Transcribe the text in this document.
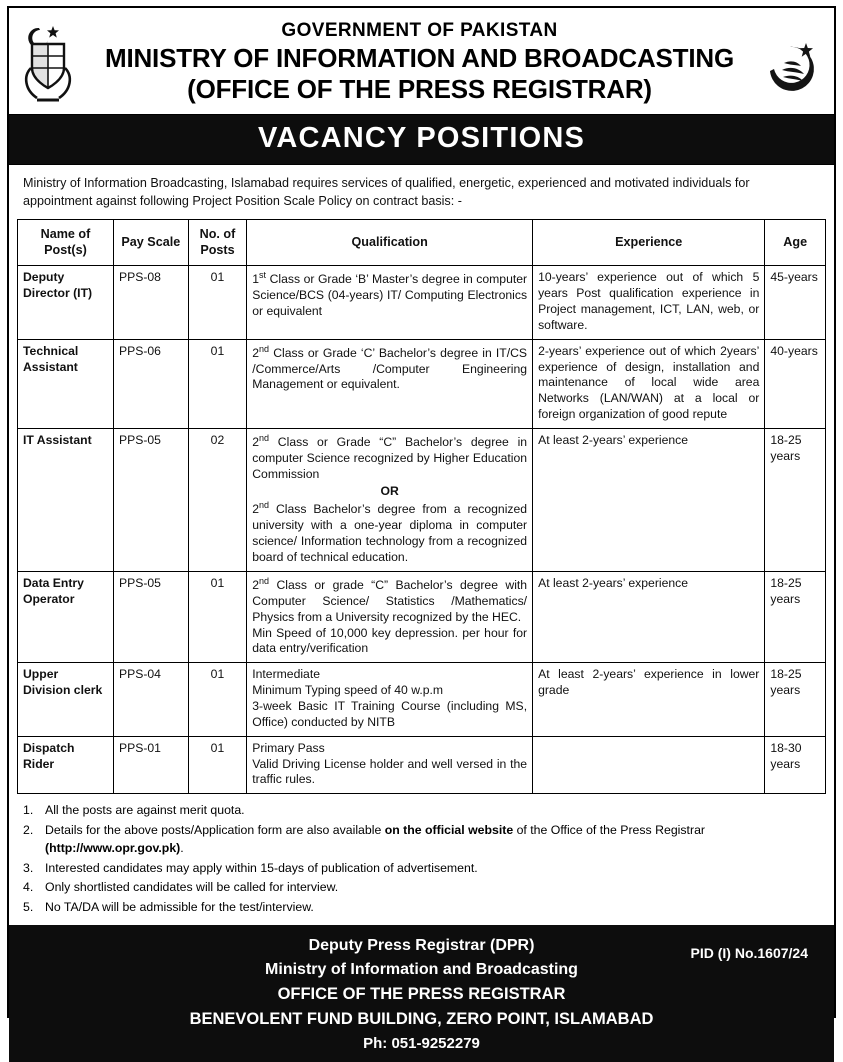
GOVERNMENT OF PAKISTAN
MINISTRY OF INFORMATION AND BROADCASTING
(OFFICE OF THE PRESS REGISTRAR)
VACANCY POSITIONS
Ministry of Information Broadcasting, Islamabad requires services of qualified, energetic, experienced and motivated individuals for appointment against following Project Position Scale Policy on contract basis: -
Name of Post(s)	Pay Scale	No. of Posts	Qualification	Experience	Age
Deputy Director (IT)	PPS-08	01	1st Class or Grade ‘B’ Master’s degree in computer Science/BCS (04-years) IT/ Computing Electronics or equivalent	10-years’ experience out of which 5 years Post qualification experience in Project management, ICT, LAN, web, or software.	45-years
Technical Assistant	PPS-06	01	2nd Class or Grade ‘C’ Bachelor’s degree in IT/CS /Commerce/Arts /Computer Engineering Management or equivalent.	2-years’ experience out of which 2years’ experience of design, installation and maintenance of local wide area Networks (LAN/WAN) at a local or foreign organization of good repute	40-years
IT Assistant	PPS-05	02	2nd Class or Grade “C” Bachelor’s degree in computer Science recognized by Higher Education Commission
OR
2nd Class Bachelor’s degree from a recognized university with a one-year diploma in computer science/ Information technology from a recognized board of technical education.	At least 2-years’ experience	18-25 years
Data Entry Operator	PPS-05	01	2nd Class or grade “C” Bachelor’s degree with Computer Science/ Statistics /Mathematics/ Physics from a University recognized by the HEC.
Min Speed of 10,000 key depression. per hour for data entry/verification	At least 2-years’ experience	18-25 years
Upper Division clerk	PPS-04	01	Intermediate
Minimum Typing speed of 40 w.p.m
3-week Basic IT Training Course (including MS, Office) conducted by NITB	At least 2-years’ experience in lower grade	18-25 years
Dispatch Rider	PPS-01	01	Primary Pass
Valid Driving License holder and well versed in the traffic rules.		18-30 years
1. All the posts are against merit quota.
2. Details for the above posts/Application form are also available on the official website of the Office of the Press Registrar (http://www.opr.gov.pk).
3. Interested candidates may apply within 15-days of publication of advertisement.
4. Only shortlisted candidates will be called for interview.
5. No TA/DA will be admissible for the test/interview.
PID (I) No.1607/24
Deputy Press Registrar (DPR)
Ministry of Information and Broadcasting
OFFICE OF THE PRESS REGISTRAR
BENEVOLENT FUND BUILDING, ZERO POINT, ISLAMABAD
Ph: 051-9252279
